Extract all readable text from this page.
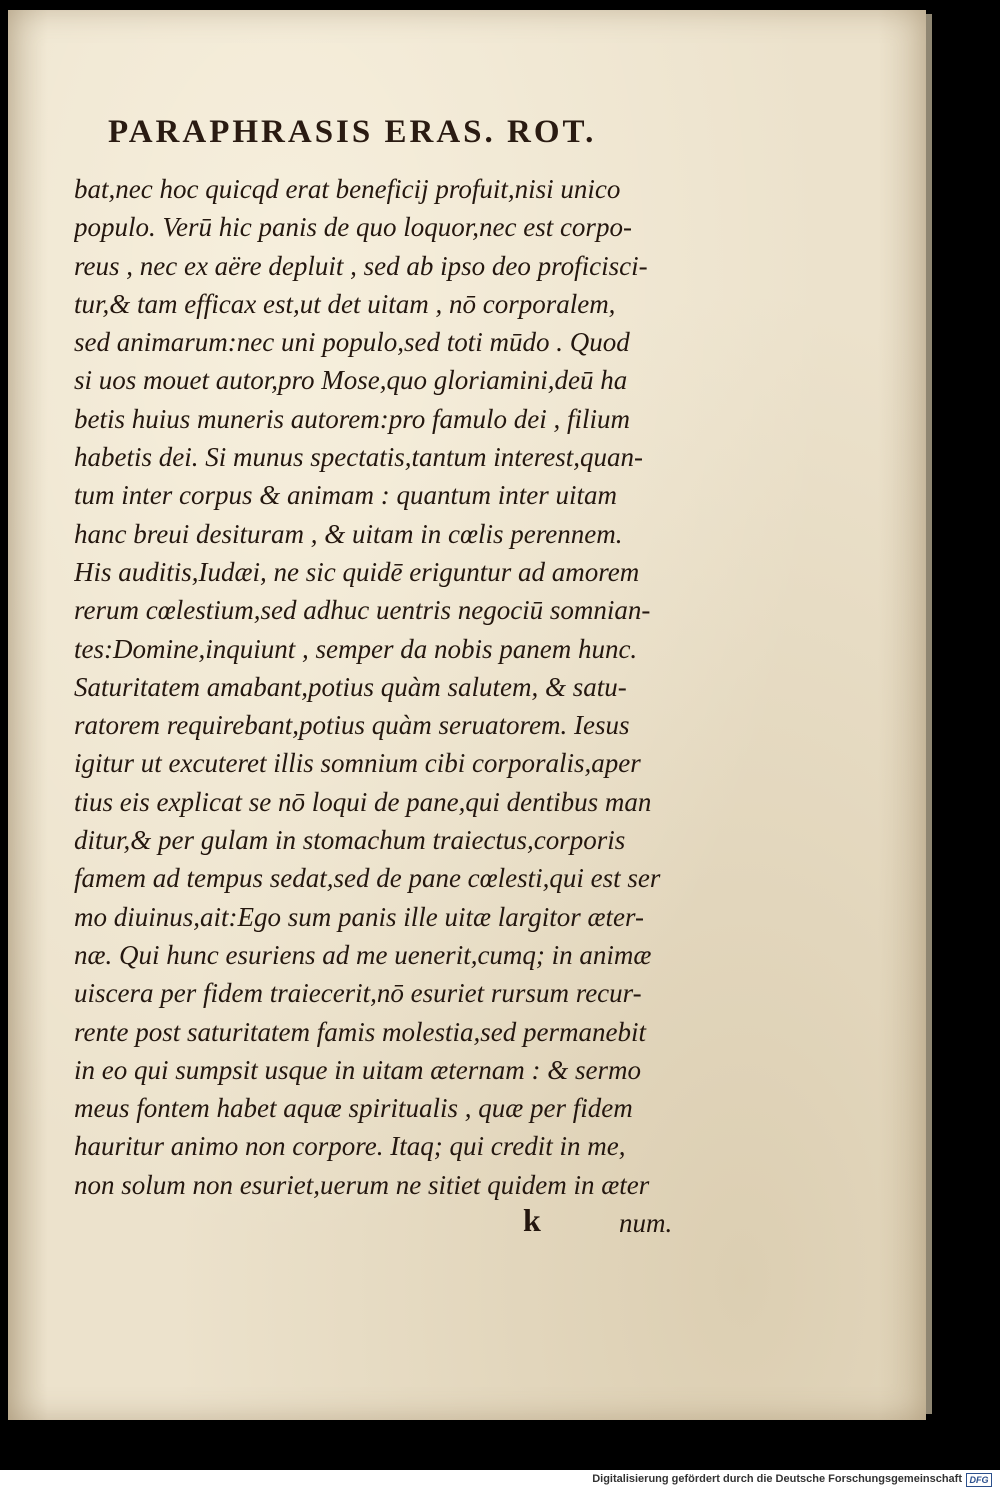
PARAPHRASIS ERAS. ROT.
bat,nec hoc quicqd erat beneficij profuit,nisi unico
populo. Verū hic panis de quo loquor,nec est corpo-
reus , nec ex aëre depluit , sed ab ipso deo proficisci-
tur,& tam efficax est,ut det uitam , nō corporalem,
sed animarum:nec uni populo,sed toti mūdo . Quod
si uos mouet autor,pro Mose,quo gloriamini,deū ha
betis huius muneris autorem:pro famulo dei , filium
habetis dei. Si munus spectatis,tantum interest,quan-
tum inter corpus & animam : quantum inter uitam
hanc breui desituram , & uitam in cœlis perennem.
His auditis,Iudæi, ne sic quidē eriguntur ad amorem
rerum cœlestium,sed adhuc uentris negociū somnian-
tes:Domine,inquiunt , semper da nobis panem hunc.
Saturitatem amabant,potius quàm salutem, & satu-
ratorem requirebant,potius quàm seruatorem. Iesus
igitur ut excuteret illis somnium cibi corporalis,aper
tius eis explicat se nō loqui de pane,qui dentibus man
ditur,& per gulam in stomachum traiectus,corporis
famem ad tempus sedat,sed de pane cœlesti,qui est ser
mo diuinus,ait:Ego sum panis ille uitæ largitor æter-
næ. Qui hunc esuriens ad me uenerit,cumq; in animæ
uiscera per fidem traiecerit,nō esuriet rursum recur-
rente post saturitatem famis molestia,sed permanebit
in eo qui sumpsit usque in uitam æternam : & sermo
meus fontem habet aquæ spiritualis , quæ per fidem
hauritur animo non corpore. Itaq; qui credit in me,
non solum non esuriet,uerum ne sitiet quidem in æter
k	num.
Digitalisierung gefördert durch die Deutsche Forschungsgemeinschaft DFG
